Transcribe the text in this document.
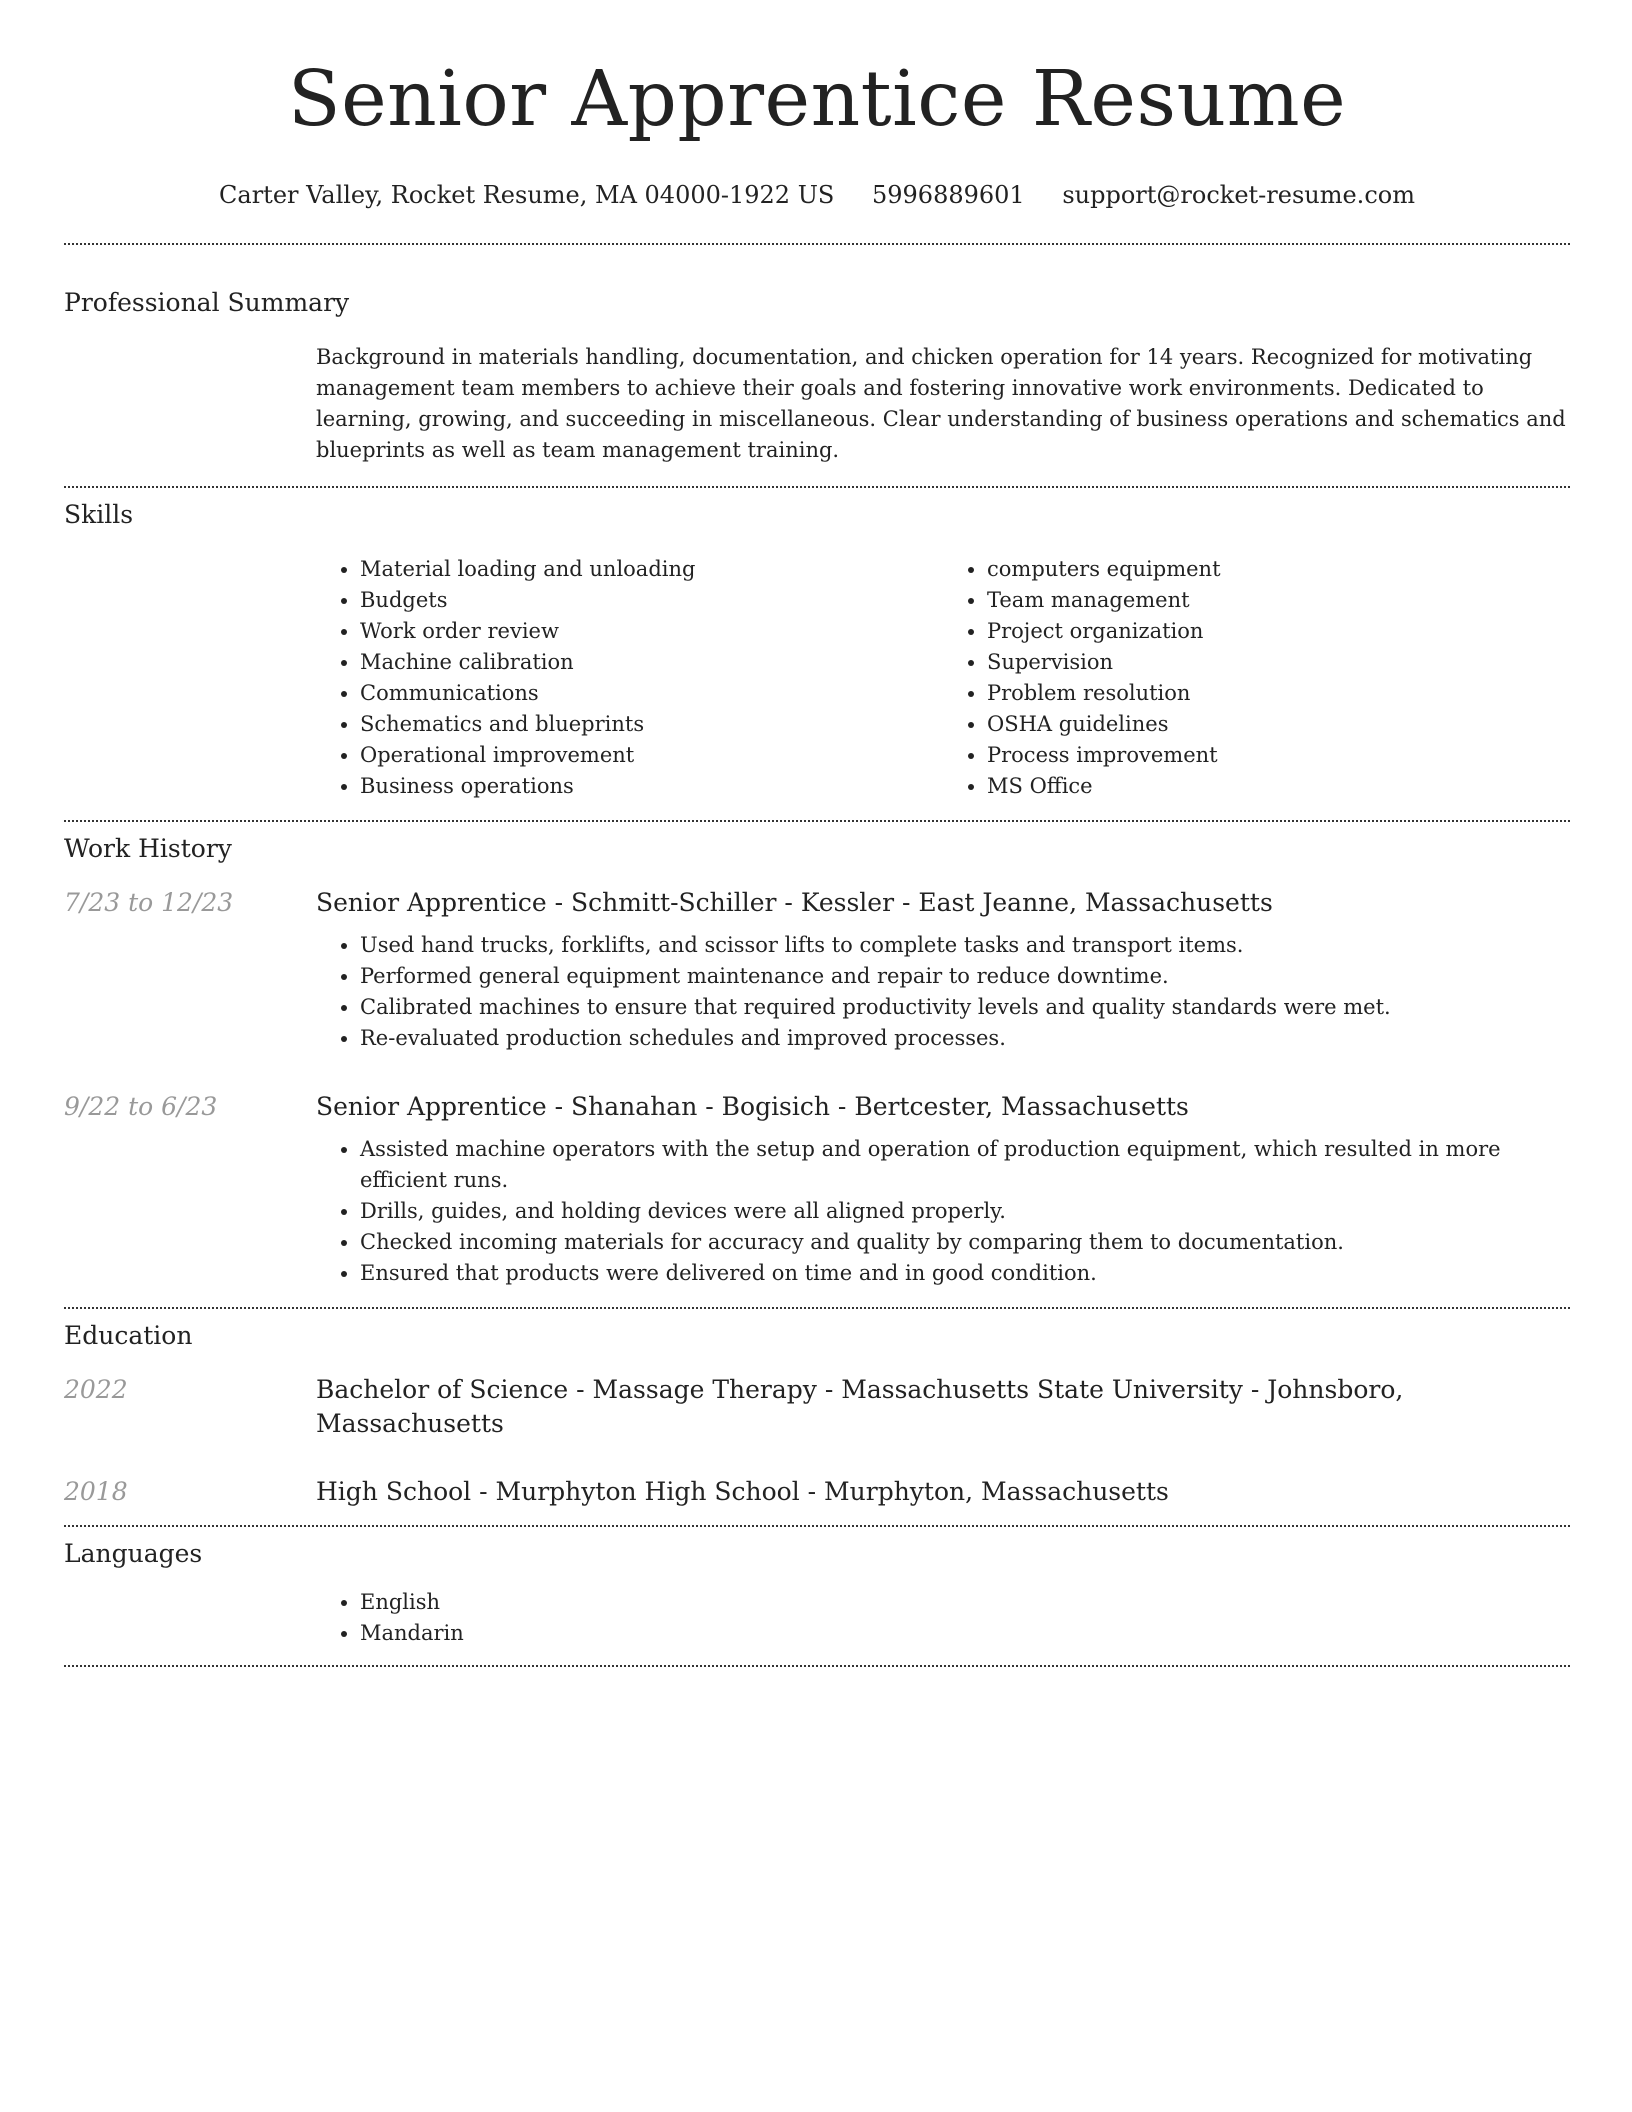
Senior Apprentice Resume
Carter Valley, Rocket Resume, MA 04000-1922 US 5996889601 support@rocket-resume.com
Professional Summary

Background in materials handling, documentation, and chicken operation for 14 years. Recognized for motivating management team members to achieve their goals and fostering innovative work environments. Dedicated to learning, growing, and succeeding in miscellaneous. Clear understanding of business operations and schematics and blueprints as well as team management training.

Skills
• Material loading and unloading
• Budgets
• Work order review
• Machine calibration
• Communications
• Schematics and blueprints
• Operational improvement
• Business operations
• computers equipment
• Team management
• Project organization
• Supervision
• Problem resolution
• OSHA guidelines
• Process improvement
• MS Office
Work History
7/23 to 12/23	Senior Apprentice - Schmitt-Schiller - Kessler - East Jeanne, Massachusetts
• Used hand trucks, forklifts, and scissor lifts to complete tasks and transport items.
• Performed general equipment maintenance and repair to reduce downtime.
• Calibrated machines to ensure that required productivity levels and quality standards were met.
• Re-evaluated production schedules and improved processes.
9/22 to 6/23	Senior Apprentice - Shanahan - Bogisich - Bertcester, Massachusetts
• Assisted machine operators with the setup and operation of production equipment, which resulted in more efficient runs.
• Drills, guides, and holding devices were all aligned properly.
• Checked incoming materials for accuracy and quality by comparing them to documentation.
• Ensured that products were delivered on time and in good condition.
Education
2022	Bachelor of Science - Massage Therapy - Massachusetts State University - Johnsboro, Massachusetts
2018	High School - Murphyton High School - Murphyton, Massachusetts
Languages
• English
• Mandarin
